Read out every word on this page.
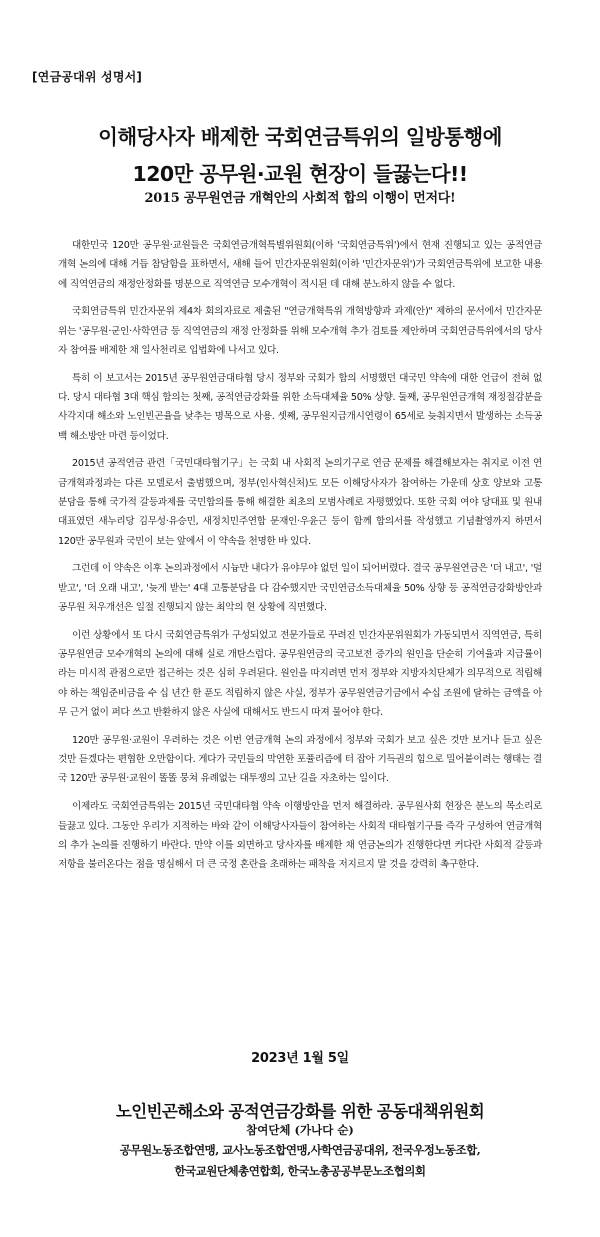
[연금공대위 성명서]
이해당사자 배제한 국회연금특위의 일방통행에
120만 공무원·교원 현장이 들끓는다!!
2015 공무원연금 개혁안의 사회적 합의 이행이 먼저다!

대한민국 120만 공무원·교원들은 국회연금개혁특별위원회(이하 '국회연금특위')에서 현재 진행되고 있는 공적연금 개혁 논의에 대해 거듭 참담함을 표하면서, 새해 들어 민간자문위원회(이하 '민간자문위')가 국회연금특위에 보고한 내용에 직역연금의 재정안정화를 명분으로 직역연금 모수개혁이 적시된 데 대해 분노하지 않을 수 없다.

국회연금특위 민간자문위 제4차 회의자료로 제출된 "연금개혁특위 개혁방향과 과제(안)" 제하의 문서에서 민간자문위는 '공무원·군인·사학연금 등 직역연금의 재정 안정화를 위해 모수개혁 추가 검토를 제안하며 국회연금특위에서의 당사자 참여를 배제한 채 일사천리로 입법화에 나서고 있다.

특히 이 보고서는 2015년 공무원연금대타협 당시 정부와 국회가 합의 서명했던 대국민 약속에 대한 언급이 전혀 없다. 당시 대타협 3대 핵심 합의는 첫째, 공적연금강화를 위한 소득대체율 50% 상향. 둘째, 공무원연금개혁 재정절감분을 사각지대 해소와 노인빈곤율을 낮추는 명목으로 사용. 셋째, 공무원지급개시연령이 65세로 늦춰지면서 발생하는 소득공백 해소방안 마련 등이었다.

2015년 공적연금 관련「국민대타협기구」는 국회 내 사회적 논의기구로 연금 문제를 해결해보자는 취지로 이전 연금개혁과정과는 다른 모델로서 출범했으며, 정부(인사혁신처)도 모든 이해당사자가 참여하는 가운데 상호 양보와 고통 분담을 통해 국가적 갈등과제를 국민합의를 통해 해결한 최초의 모범사례로 자평했었다. 또한 국회 여야 당대표 및 원내대표였던 새누리당 김무성·유승민, 새정치민주연합 문재인·우윤근 등이 함께 합의서를 작성했고 기념촬영까지 하면서 120만 공무원과 국민이 보는 앞에서 이 약속을 천명한 바 있다.

그런데 이 약속은 이후 논의과정에서 시늉만 내다가 유야무야 없던 일이 되어버렸다. 결국 공무원연금은 '더 내고', '덜 받고', '더 오래 내고', '늦게 받는' 4대 고통분담을 다 감수했지만 국민연금소득대체율 50% 상향 등 공적연금강화방안과 공무원 처우개선은 일절 진행되지 않는 최악의 현 상황에 직면했다.

이런 상황에서 또 다시 국회연금특위가 구성되었고 전문가들로 꾸려진 민간자문위원회가 가동되면서 직역연금, 특히 공무원연금 모수개혁의 논의에 대해 실로 개탄스럽다. 공무원연금의 국고보전 증가의 원인을 단순히 기여율과 지급률이라는 미시적 관점으로만 접근하는 것은 심히 우려된다. 원인을 따지려면 먼저 정부와 지방자치단체가 의무적으로 적립해야 하는 책임준비금을 수 십 년간 한 푼도 적립하지 않은 사실, 정부가 공무원연금기금에서 수십 조원에 달하는 금액을 아무 근거 없이 퍼다 쓰고 반환하지 않은 사실에 대해서도 반드시 따져 물어야 한다.

120만 공무원·교원이 우려하는 것은 이번 연금개혁 논의 과정에서 정부와 국회가 보고 싶은 것만 보거나 듣고 싶은 것만 듣겠다는 편협한 오만함이다. 게다가 국민들의 막연한 포퓰리즘에 터 잡아 기득권의 힘으로 밀어붙이려는 행태는 결국 120만 공무원·교원이 똘똘 뭉쳐 유례없는 대투쟁의 고난 길을 자초하는 일이다.

이제라도 국회연금특위는 2015년 국민대타협 약속 이행방안을 먼저 해결하라. 공무원사회 현장은 분노의 목소리로 들끓고 있다. 그동안 우리가 지적하는 바와 같이 이해당사자들이 참여하는 사회적 대타협기구를 즉각 구성하여 연금개혁의 추가 논의를 진행하기 바란다. 만약 이를 외면하고 당사자를 배제한 채 연금논의가 진행한다면 커다란 사회적 갈등과 저항을 불러온다는 점을 명심해서 더 큰 국정 혼란을 초래하는 패착을 저지르지 말 것을 강력히 촉구한다.

2023년 1월 5일
노인빈곤해소와 공적연금강화를 위한 공동대책위원회
참여단체 (가나다 순)
공무원노동조합연맹, 교사노동조합연맹,사학연금공대위, 전국우정노동조합,
한국교원단체총연합회, 한국노총공공부문노조협의회
